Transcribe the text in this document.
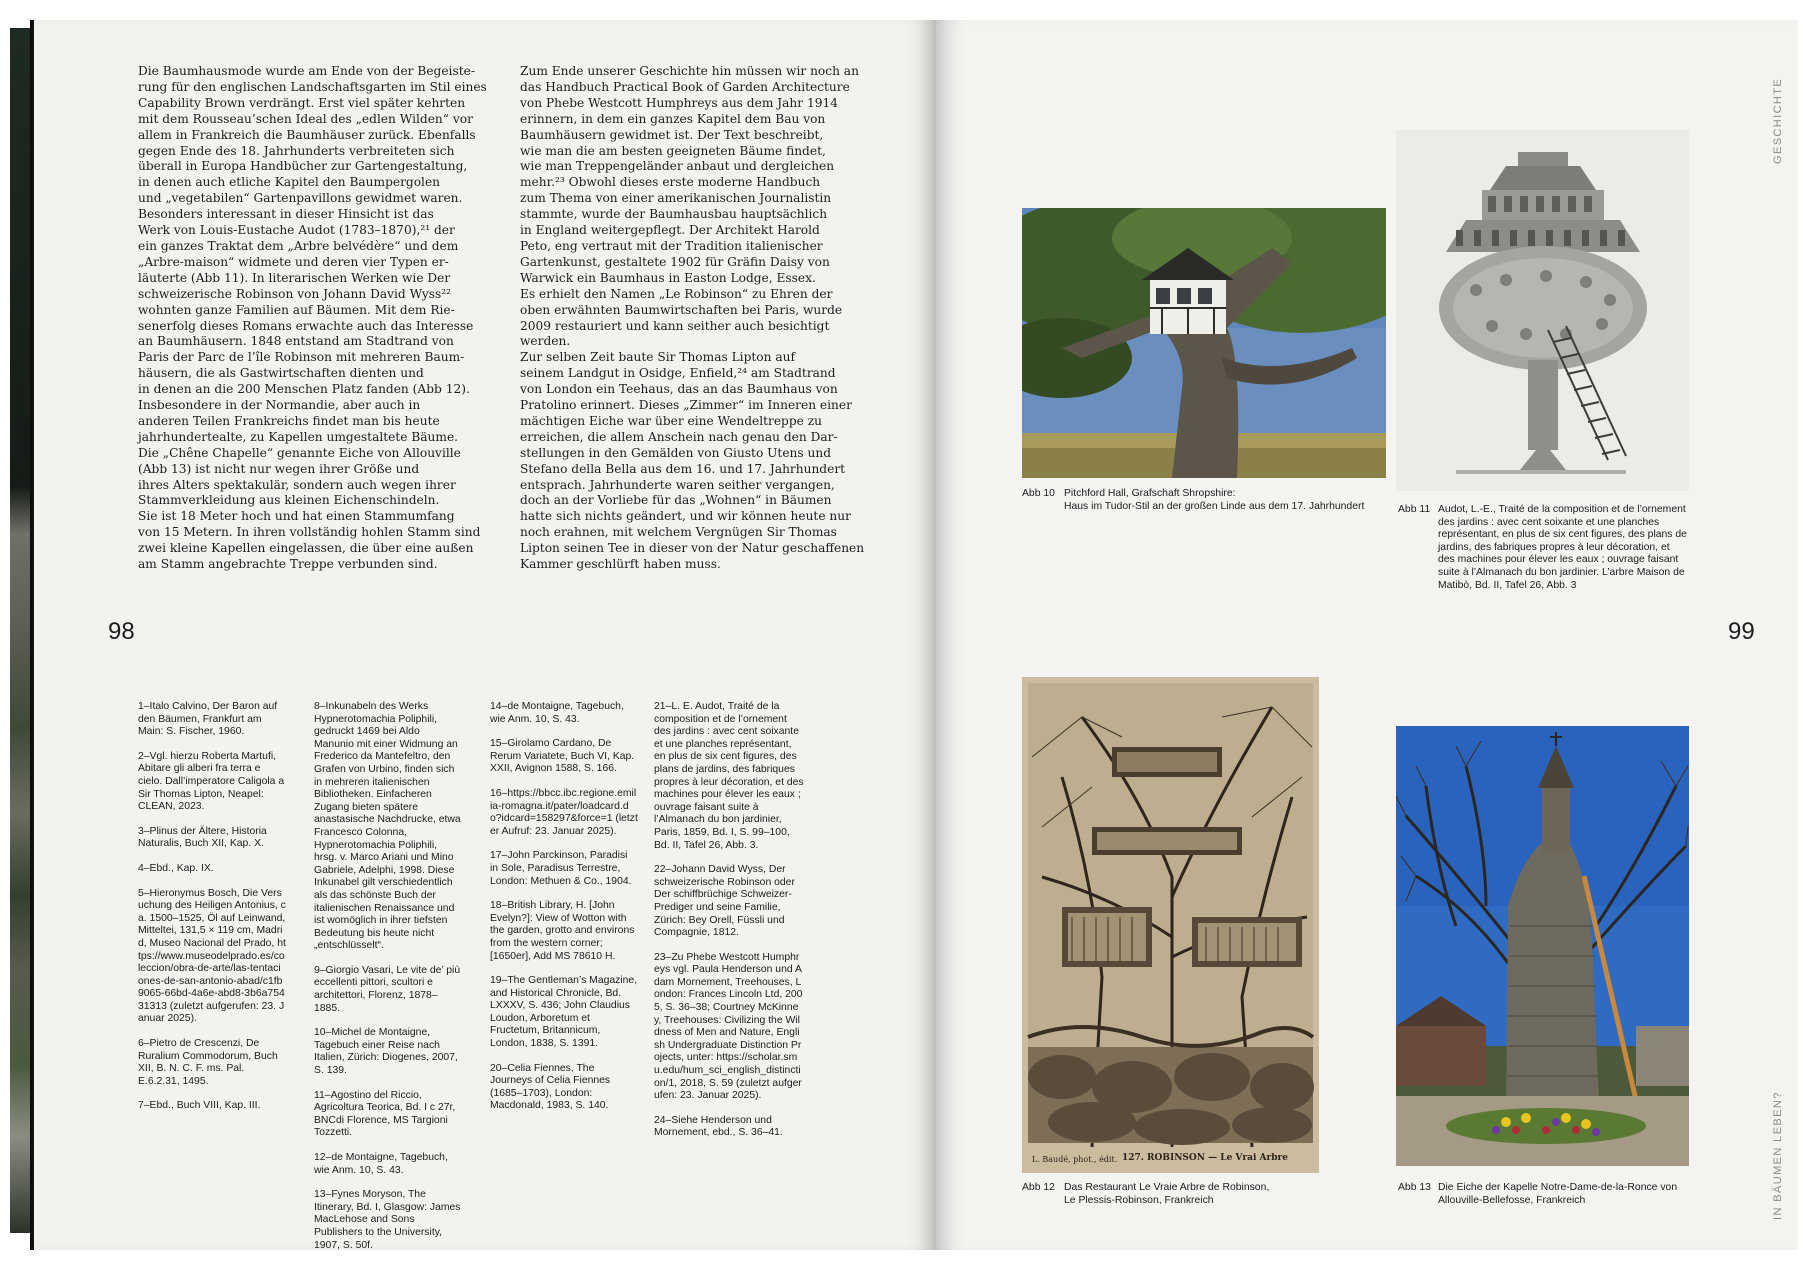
Die Baumhausmode wurde am Ende von der Begeiste-
rung für den englischen Landschaftsgarten im Stil eines
Capability Brown verdrängt. Erst viel später kehrten
mit dem Rousseau’schen Ideal des „edlen Wilden“ vor
allem in Frankreich die Baumhäuser zurück. Ebenfalls
gegen Ende des 18. Jahrhunderts verbreiteten sich
überall in Europa Handbücher zur Gartengestaltung,
in denen auch etliche Kapitel den Baumpergolen
und „vegetabilen“ Gartenpavillons gewidmet waren.
Besonders interessant in dieser Hinsicht ist das
Werk von Louis-Eustache Audot (1783–1870),²¹ der
ein ganzes Traktat dem „Arbre belvédère“ und dem
„Arbre-maison“ widmete und deren vier Typen er-
läuterte (Abb 11). In literarischen Werken wie Der
schweizerische Robinson von Johann David Wyss²²
wohnten ganze Familien auf Bäumen. Mit dem Rie-
senerfolg dieses Romans erwachte auch das Interesse
an Baumhäusern. 1848 entstand am Stadtrand von
Paris der Parc de l’île Robinson mit mehreren Baum-
häusern, die als Gastwirtschaften dienten und
in denen an die 200 Menschen Platz fanden (Abb 12).
Insbesondere in der Normandie, aber auch in
anderen Teilen Frankreichs findet man bis heute
jahrhundertealte, zu Kapellen umgestaltete Bäume.
Die „Chêne Chapelle“ genannte Eiche von Allouville
(Abb 13) ist nicht nur wegen ihrer Größe und
ihres Alters spektakulär, sondern auch wegen ihrer
Stammverkleidung aus kleinen Eichenschindeln.
Sie ist 18 Meter hoch und hat einen Stammumfang
von 15 Metern. In ihren vollständig hohlen Stamm sind
zwei kleine Kapellen eingelassen, die über eine außen
am Stamm angebrachte Treppe verbunden sind.

Zum Ende unserer Geschichte hin müssen wir noch an
das Handbuch Practical Book of Garden Architecture
von Phebe Westcott Humphreys aus dem Jahr 1914
erinnern, in dem ein ganzes Kapitel dem Bau von
Baumhäusern gewidmet ist. Der Text beschreibt,
wie man die am besten geeigneten Bäume findet,
wie man Treppengeländer anbaut und dergleichen
mehr.²³ Obwohl dieses erste moderne Handbuch
zum Thema von einer amerikanischen Journalistin
stammte, wurde der Baumhausbau hauptsächlich
in England weitergepflegt. Der Architekt Harold
Peto, eng vertraut mit der Tradition italienischer
Gartenkunst, gestaltete 1902 für Gräfin Daisy von
Warwick ein Baumhaus in Easton Lodge, Essex.
Es erhielt den Namen „Le Robinson“ zu Ehren der
oben erwähnten Baumwirtschaften bei Paris, wurde
2009 restauriert und kann seither auch besichtigt
werden.
Zur selben Zeit baute Sir Thomas Lipton auf
seinem Landgut in Osidge, Enfield,²⁴ am Stadtrand
von London ein Teehaus, das an das Baumhaus von
Pratolino erinnert. Dieses „Zimmer“ im Inneren einer
mächtigen Eiche war über eine Wendeltreppe zu
erreichen, die allem Anschein nach genau den Dar-
stellungen in den Gemälden von Giusto Utens und
Stefano della Bella aus dem 16. und 17. Jahrhundert
entsprach. Jahrhunderte waren seither vergangen,
doch an der Vorliebe für das „Wohnen“ in Bäumen
hatte sich nichts geändert, und wir können heute nur
noch erahnen, mit welchem Vergnügen Sir Thomas
Lipton seinen Tee in dieser von der Natur geschaffenen
Kammer geschlürft haben muss.

98

1–Italo Calvino, Der Baron auf den Bäumen, Frankfurt am Main: S. Fischer, 1960.

2–Vgl. hierzu Roberta Martufi, Abitare gli alberi fra terra e cielo. Dall’imperatore Caligola a Sir Thomas Lipton, Neapel: CLEAN, 2023.

3–Plinus der Ältere, Historia Naturalis, Buch XII, Kap. X.

4–Ebd., Kap. IX.

5–Hieronymus Bosch, Die Versuchung des Heiligen Antonius, ca. 1500–1525, Öl auf Leinwand, Mitteltei, 131,5 × 119 cm, Madrid, Museo Nacional del Prado, https://www.museodelprado.es/coleccion/obra-de-arte/las-tentaciones-de-san-antonio-abad/c1fb9065-66bd-4a6e-abd8-3b6a75431313 (zuletzt aufgerufen: 23. Januar 2025).

6–Pietro de Crescenzi, De Ruralium Commodorum, Buch XII, B. N. C. F. ms. Pal. E.6.2.31, 1495.

7–Ebd., Buch VIII, Kap. III.

8–Inkunabeln des Werks Hypnerotomachia Poliphili, gedruckt 1469 bei Aldo Manunio mit einer Widmung an Frederico da Mantefeltro, den Grafen von Urbino, finden sich in mehreren italienischen Bibliotheken. Einfacheren Zugang bieten spätere anastasische Nachdrucke, etwa Francesco Colonna, Hypnerotomachia Poliphili, hrsg. v. Marco Ariani und Mino Gabriele, Adelphi, 1998. Diese Inkunabel gilt verschiedentlich als das schönste Buch der italienischen Renaissance und ist womöglich in ihrer tiefsten Bedeutung bis heute nicht „entschlüsselt“.

9–Giorgio Vasari, Le vite de’ più eccellenti pittori, scultori e architettori, Florenz, 1878–1885.

10–Michel de Montaigne, Tagebuch einer Reise nach Italien, Zürich: Diogenes, 2007, S. 139.

11–Agostino del Riccio, Agricoltura Teorica, Bd. I c 27r, BNCdi Florence, MS Targioni Tozzetti.

12–de Montaigne, Tagebuch, wie Anm. 10, S. 43.

13–Fynes Moryson, The Itinerary, Bd. I, Glasgow: James MacLehose and Sons Publishers to the University, 1907, S. 50f.

14–de Montaigne, Tagebuch, wie Anm. 10, S. 43.

15–Girolamo Cardano, De Rerum Variatete, Buch VI, Kap. XXII, Avignon 1588, S. 166.

16–https://bbcc.ibc.regione.emilia-romagna.it/pater/loadcard.do?idcard=158297&force=1 (letzter Aufruf: 23. Januar 2025).

17–John Parckinson, Paradisi in Sole, Paradisus Terrestre, London: Methuen & Co., 1904.

18–British Library, H. [John Evelyn?]: View of Wotton with the garden, grotto and environs from the western corner; [1650er], Add MS 78610 H.

19–The Gentleman’s Magazine, and Historical Chronicle, Bd. LXXXV, S. 436; John Claudius Loudon, Arboretum et Fructetum, Britannicum, London, 1838, S. 1391.

20–Celia Fiennes, The Journeys of Celia Fiennes (1685–1703), London: Macdonald, 1983, S. 140.

21–L. E. Audot, Traité de la composition et de l’ornement des jardins : avec cent soixante et une planches représentant, en plus de six cent figures, des plans de jardins, des fabriques propres à leur décoration, et des machines pour élever les eaux ; ouvrage faisant suite à l’Almanach du bon jardinier, Paris, 1859, Bd. I, S. 99–100, Bd. II, Tafel 26, Abb. 3.

22–Johann David Wyss, Der schweizerische Robinson oder Der schiffbrüchige Schweizer-Prediger und seine Familie, Zürich: Bey Orell, Füssli und Compagnie, 1812.

23–Zu Phebe Westcott Humphreys vgl. Paula Henderson und Adam Mornement, Treehouses, London: Frances Lincoln Ltd, 2005, S. 36–38; Courtney McKinney, Treehouses: Civilizing the Wildness of Men and Nature, English Undergraduate Distinction Projects, unter: https://scholar.smu.edu/hum_sci_english_distinction/1, 2018, S. 59 (zuletzt aufgerufen: 23. Januar 2025).

24–Siehe Henderson und Mornement, ebd., S. 36–41.

GESCHICHTE
IN BÄUMEN LEBEN?
Abb 10 Pitchford Hall, Grafschaft Shropshire:
Haus im Tudor-Stil an der großen Linde aus dem 17. Jahrhundert	Abb 11 Audot, L.-E., Traité de la composition et de l’ornement
des jardins : avec cent soixante et une planches
représentant, en plus de six cent figures, des plans de
jardins, des fabriques propres à leur décoration, et
des machines pour élever les eaux ; ouvrage faisant
suite à l’Almanach du bon jardinier. L’arbre Maison de
Matibò, Bd. II, Tafel 26, Abb. 3
99
L. Baudé, phot., édit. 127. ROBINSON — Le Vrai Arbre
Abb 12 Das Restaurant Le Vraie Arbre de Robinson,
Le Plessis-Robinson, Frankreich
Abb 13 Die Eiche der Kapelle Notre-Dame-de-la-Ronce von
Allouville-Bellefosse, Frankreich
